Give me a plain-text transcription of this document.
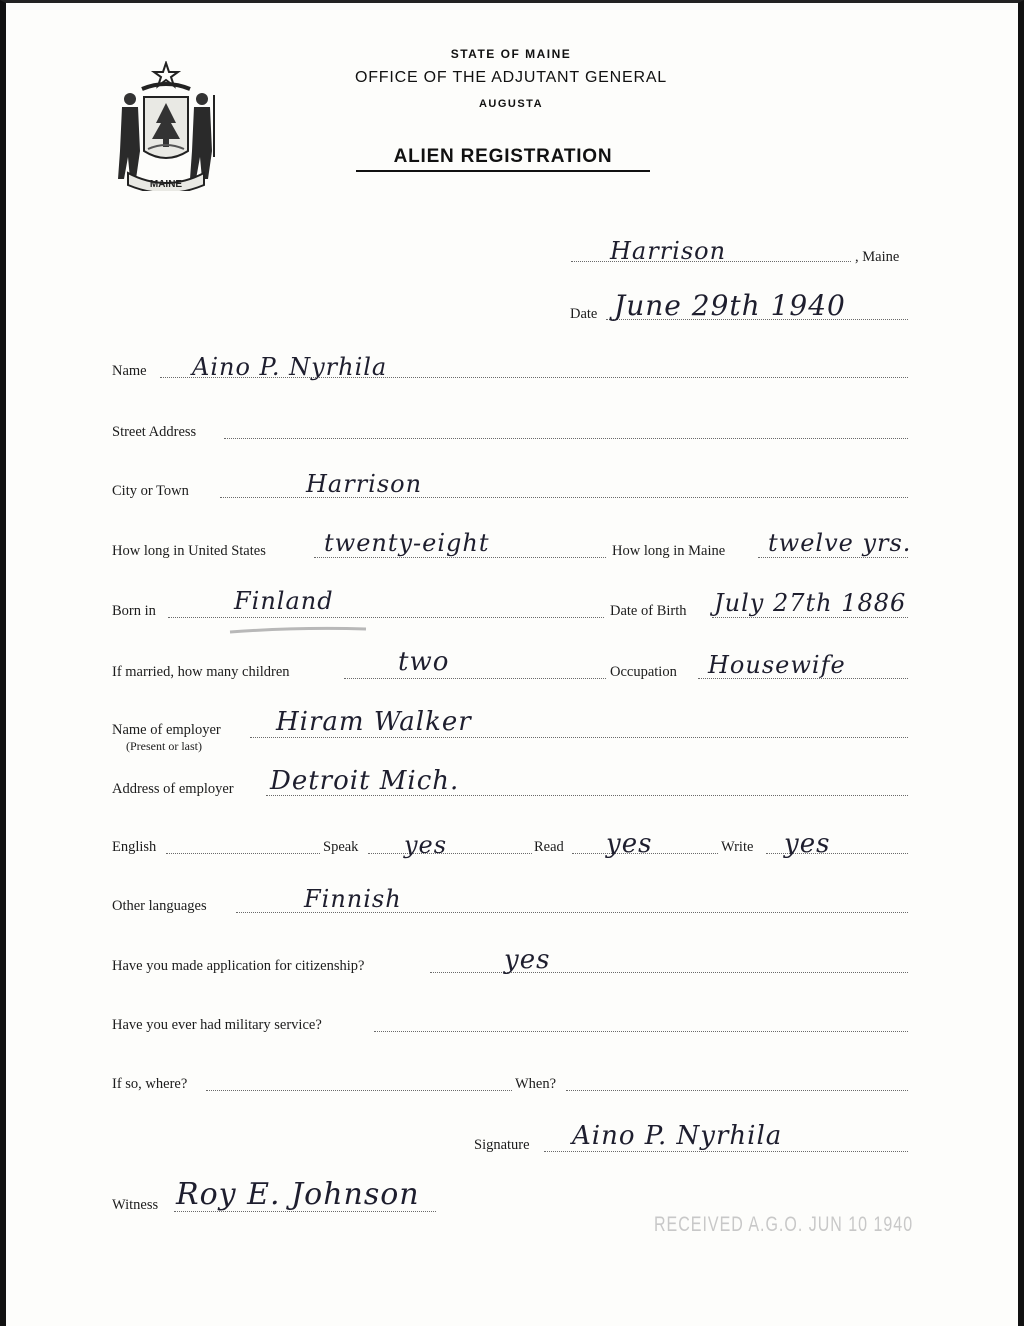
MAINE
STATE OF MAINE
OFFICE OF THE ADJUTANT GENERAL
AUGUSTA
ALIEN REGISTRATION
, Maine
Harrison
Date June 29th 1940
Name Aino P. Nyrhila
Street Address
City or Town	Harrison
How long in United States twenty-eight	How long in Maine twelve yrs.
Born in	Finland	Date of Birth July 27th 1886
If married, how many children	two	Occupation Housewife
Name of employer
(Present or last)
Hiram Walker
Address of employer Detroit Mich.
English	Speak yes	Read yes	Write yes
Other languages	Finnish
Have you made application for citizenship?	yes
Have you ever had military service?
If so, where?	When?
Signature Aino P. Nyrhila
Witness Roy E. Johnson
RECEIVED A.G.O. JUN 10 1940
